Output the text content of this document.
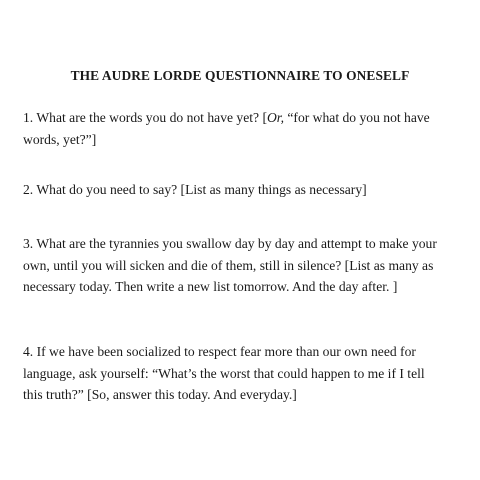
THE AUDRE LORDE QUESTIONNAIRE TO ONESELF

1. What are the words you do not have yet? [Or, “for what do you not have
words, yet?”]

2. What do you need to say? [List as many things as necessary]

3. What are the tyrannies you swallow day by day and attempt to make your
own, until you will sicken and die of them, still in silence? [List as many as
necessary today. Then write a new list tomorrow. And the day after. ]

4. If we have been socialized to respect fear more than our own need for
language, ask yourself: “What’s the worst that could happen to me if I tell
this truth?” [So, answer this today. And everyday.]
